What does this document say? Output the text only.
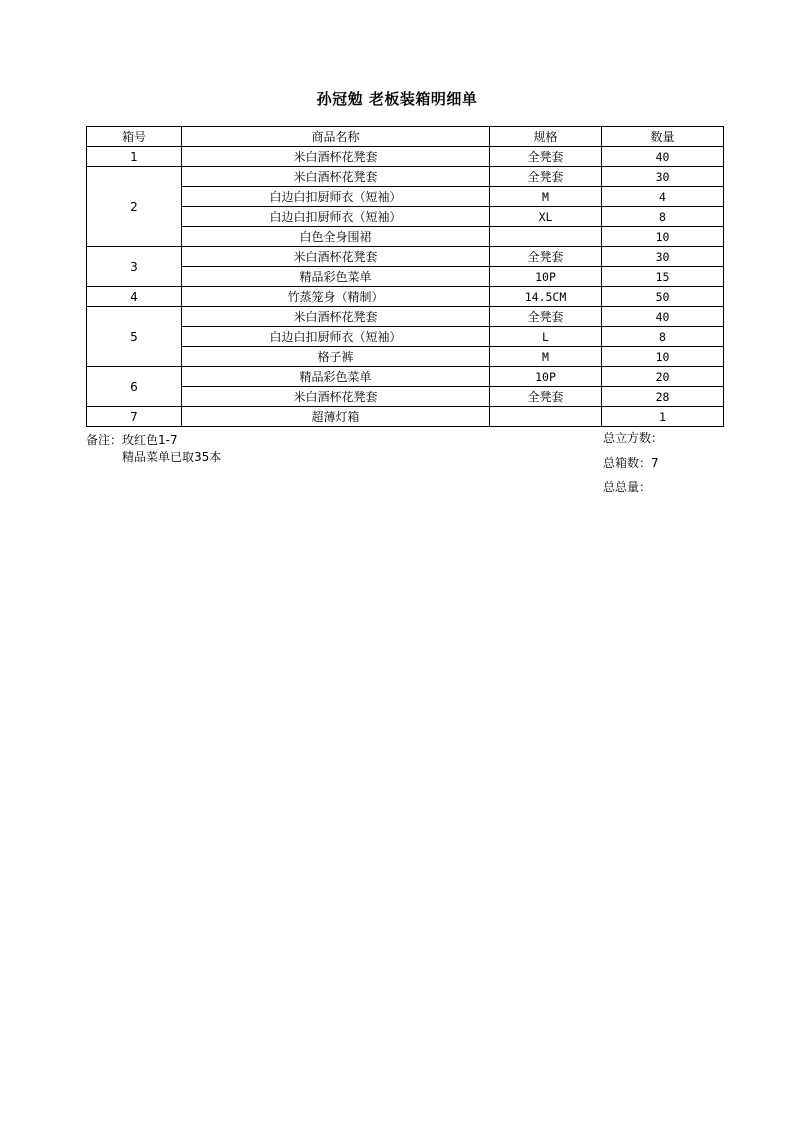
孙冠勉 老板装箱明细单
箱号	商品名称	规格	数量
1	米白酒杯花凳套	全凳套	40
2	米白酒杯花凳套	全凳套	30
	白边白扣厨师衣（短袖）	M	4
	白边白扣厨师衣（短袖）	XL	8
	白色全身围裙		10
3	米白酒杯花凳套	全凳套	30
	精品彩色菜单	10P	15
4	竹蒸笼身（精制）	14.5CM	50
5	米白酒杯花凳套	全凳套	40
	白边白扣厨师衣（短袖）	L	8
	格子裤	M	10
6	精品彩色菜单	10P	20
	米白酒杯花凳套	全凳套	28
7	超薄灯箱		1
备注：玫红色1-7
精品菜单已取35本
总立方数：
总箱数：7
总总量：
